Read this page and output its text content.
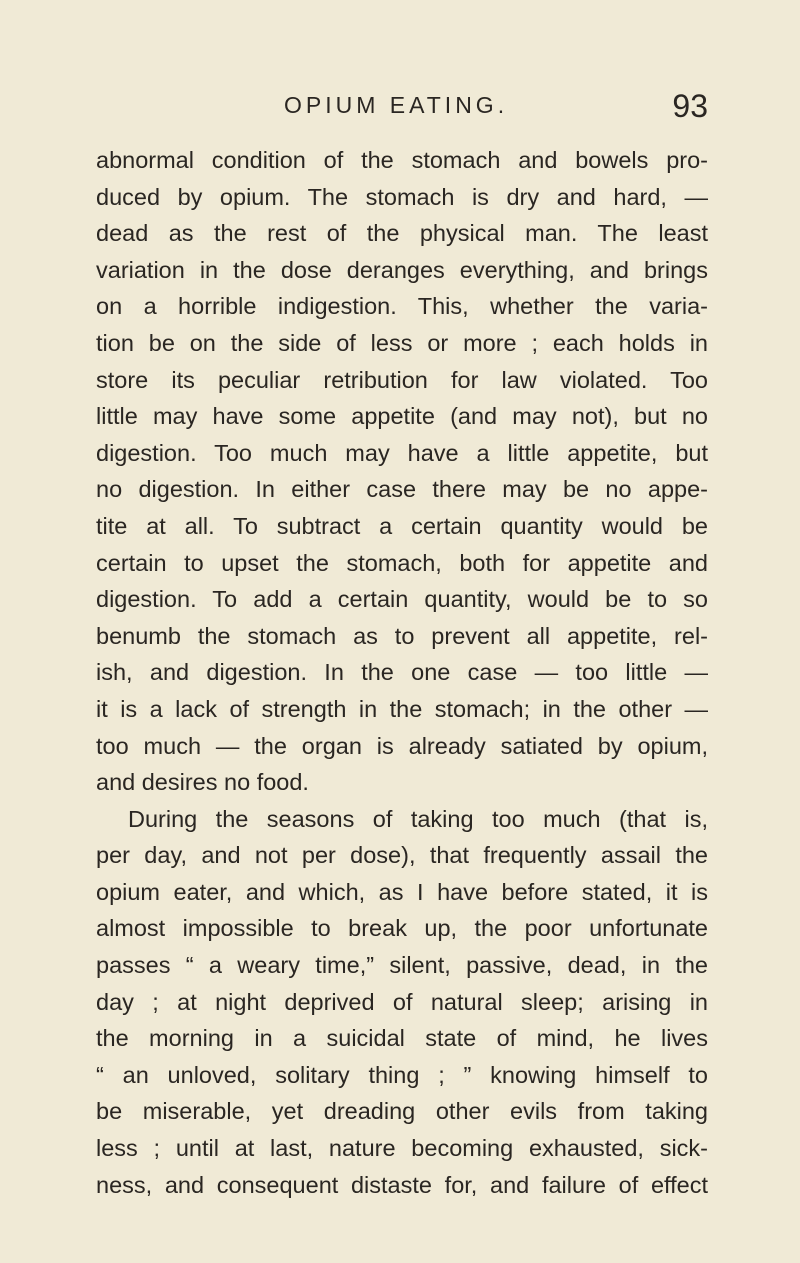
OPIUM EATING.	93
abnormal condition of the stomach and bowels pro-
duced by opium. The stomach is dry and hard, —
dead as the rest of the physical man. The least
variation in the dose deranges everything, and brings
on a horrible indigestion. This, whether the varia-
tion be on the side of less or more ; each holds in
store its peculiar retribution for law violated. Too
little may have some appetite (and may not), but no
digestion. Too much may have a little appetite, but
no digestion. In either case there may be no appe-
tite at all. To subtract a certain quantity would be
certain to upset the stomach, both for appetite and
digestion. To add a certain quantity, would be to so
benumb the stomach as to prevent all appetite, rel-
ish, and digestion. In the one case — too little —
it is a lack of strength in the stomach; in the other —
too much — the organ is already satiated by opium,
and desires no food.
During the seasons of taking too much (that is,
per day, and not per dose), that frequently assail the
opium eater, and which, as I have before stated, it is
almost impossible to break up, the poor unfortunate
passes “ a weary time,” silent, passive, dead, in the
day ; at night deprived of natural sleep; arising in
the morning in a suicidal state of mind, he lives
“ an unloved, solitary thing ; ” knowing himself to
be miserable, yet dreading other evils from taking
less ; until at last, nature becoming exhausted, sick-
ness, and consequent distaste for, and failure of effect
